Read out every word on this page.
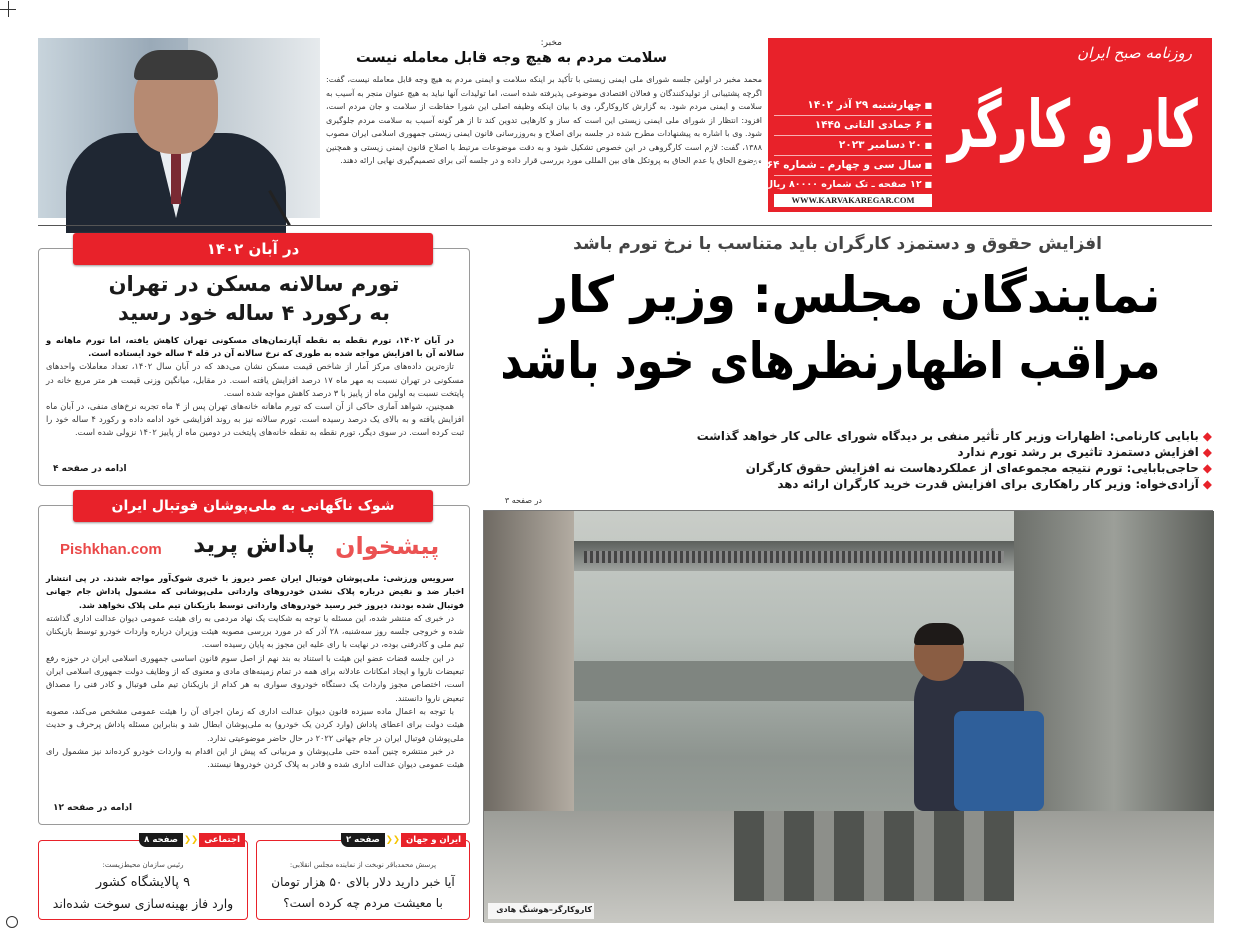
مخبر:
سلامت مردم به هیچ وجه قابل معامله نیست
محمد مخبر در اولین جلسه شورای ملی ایمنی زیستی با تأکید بر اینکه سلامت و ایمنی مردم به هیچ وجه قابل معامله نیست، گفت: اگرچه پشتیبانی از تولیدکنندگان و فعالان اقتصادی موضوعی پذیرفته شده است، اما تولیدات آنها نباید به هیچ عنوان منجر به آسیب به سلامت و ایمنی مردم شود. به گزارش کاروکارگر، وی با بیان اینکه وظیفه اصلی این شورا حفاظت از سلامت و جان مردم است، افزود: انتظار از شورای ملی ایمنی زیستی این است که ساز و کارهایی تدوین کند تا از هر گونه آسیب به سلامت مردم جلوگیری شود. وی با اشاره به پیشنهادات مطرح شده در جلسه برای اصلاح و به‌روزرسانی قانون ایمنی زیستی جمهوری اسلامی ایران مصوب ۱۳۸۸، گفت: لازم است کارگروهی در این خصوص تشکیل شود و به دقت موضوعات مرتبط با اصلاح قانون ایمنی زیستی و همچنین موضوع الحاق یا عدم الحاق به پروتکل های بین المللی مورد بررسی قرار داده و در جلسه آتی برای تصمیم‌گیری نهایی ارائه دهند.
روزنامه صبح ایران
کار و کارگر
■ چهارشنبه ۲۹ آذر ۱۴۰۲
■ ۶ جمادی الثانی ۱۴۴۵
■ ۲۰ دسامبر ۲۰۲۳
■ سال سی و چهارم ـ شماره ۹۳۶۴
■ ۱۲ صفحه ـ تک شماره ۸۰۰۰۰ ریال
WWW.KARVAKAREGAR.COM
افزایش حقوق و دستمزد کارگران باید متناسب با نرخ تورم باشد
نمایندگان مجلس: وزیر کار
مراقب اظهارنظرهای خود باشد
◆ بابایی کارنامی: اظهارات وزیر کار تأثیر منفی بر دیدگاه شورای عالی کار خواهد گذاشت
◆ افزایش دستمزد تاثیری بر رشد تورم ندارد
◆ حاجی‌بابایی: تورم نتیجه مجموعه‌ای از عملکردهاست نه افزایش حقوق کارگران
◆ آزادی‌خواه: وزیر کار راهکاری برای افزایش قدرت خرید کارگران ارائه دهد
در صفحه ۳
کاروکارگر–هوشنگ هادی
در آبان ۱۴۰۲
تورم سالانه مسکن در تهران
به رکورد ۴ ساله خود رسید

در آبان ۱۴۰۲، تورم نقطه به نقطه آپارتمان‌های مسکونی تهران کاهش یافته، اما تورم ماهانه و سالانه آن با افزایش مواجه شده به طوری که نرخ سالانه آن در قله ۴ ساله خود ایستاده است.

تازه‌ترین داده‌های مرکز آمار از شاخص قیمت مسکن نشان می‌دهد که در آبان سال ۱۴۰۲، تعداد معاملات واحدهای مسکونی در تهران نسبت به مهر ماه ۱۷ درصد افزایش یافته است. در مقابل، میانگین وزنی قیمت هر متر مربع خانه در پایتخت نسبت به اولین ماه از پاییز با ۳ درصد کاهش مواجه شده است.

همچنین، شواهد آماری حاکی از آن است که تورم ماهانه خانه‌های تهران پس از ۴ ماه تجربه نرخ‌های منفی، در آبان ماه افزایش یافته و به بالای یک درصد رسیده است. تورم سالانه نیز به روند افزایشی خود ادامه داده و رکورد ۴ ساله خود را ثبت کرده است. در سوی دیگر، تورم نقطه به نقطه خانه‌های پایتخت در دومین ماه از پاییز ۱۴۰۲ نزولی شده است.

ادامه در صفحه ۴
شوک ناگهانی به ملی‌پوشان فوتبال ایران
پاداش پرید پیشخوان
Pishkhan.com

سرویس ورزشی: ملی‌پوشان فوتبال ایران عصر دیروز با خبری شوک‌آور مواجه شدند. در پی انتشار اخبار ضد و نقیض درباره پلاک نشدن خودروهای وارداتی ملی‌پوشانی که مشمول پاداش جام جهانی فوتبال شده بودند، دیروز خبر رسید خودروهای وارداتی توسط بازیکنان تیم ملی پلاک نخواهد شد.

در خبری که منتشر شده، این مسئله با توجه به شکایت یک نهاد مردمی به رای هیئت عمومی دیوان عدالت اداری گذاشته شده و خروجی جلسه روز سه‌شنبه، ۲۸ آذر که در مورد بررسی مصوبه هیئت وزیران درباره واردات خودرو توسط بازیکنان تیم ملی و کادرفنی بوده، در نهایت با رای علیه این مجوز به پایان رسیده است.

در این جلسه قضات عضو این هیئت با استناد به بند نهم از اصل سوم قانون اساسی جمهوری اسلامی ایران در حوزه رفع تبعیضات ناروا و ایجاد امکانات عادلانه برای همه در تمام زمینه‌های مادی و معنوی که از وظایف دولت جمهوری اسلامی ایران است، اختصاص مجوز واردات یک دستگاه خودروی سواری به هر کدام از بازیکنان تیم ملی فوتبال و کادر فنی را مصداق تبعیض ناروا دانستند.

با توجه به اعمال ماده سیزده قانون دیوان عدالت اداری که زمان اجرای آن را هیئت عمومی مشخص می‌کند، مصوبه هیئت دولت برای اعطای پاداش (وارد کردن یک خودرو) به ملی‌پوشان ابطال شد و بنابراین مسئله پاداش پرحرف و حدیث ملی‌پوشان فوتبال ایران در جام جهانی ۲۰۲۲ در حال حاضر موضوعیتی ندارد.

در خبر منتشره چنین آمده حتی ملی‌پوشان و مربیانی که پیش از این اقدام به واردات خودرو کرده‌اند نیز مشمول رای هیئت عمومی دیوان عدالت اداری شده و قادر به پلاک کردن خودروها نیستند.

ادامه در صفحه ۱۲
ایران و جهان
❮❮
صفحه ۲
پرسش محمدباقر نوبخت از نماینده مجلس انقلابی:
آیا خبر دارید دلار بالای ۵۰ هزار تومان
با معیشت مردم چه کرده است؟
اجتماعی
❮❮
صفحه ۸
رئیس سازمان محیط‌زیست:
۹ پالایشگاه کشور
وارد فاز بهینه‌سازی سوخت شده‌اند
